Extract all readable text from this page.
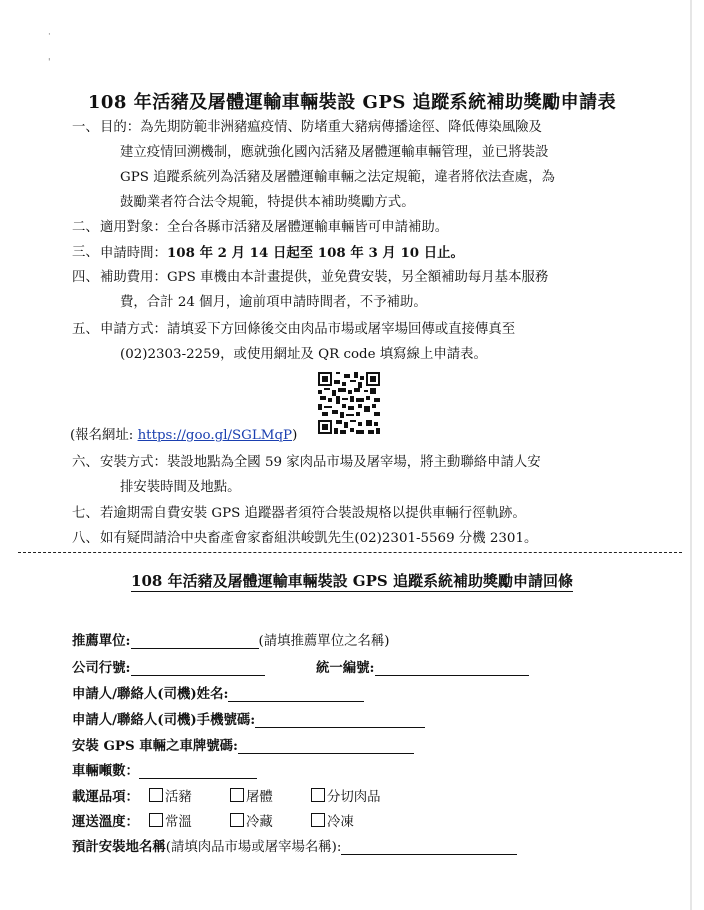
·
'
108 年活豬及屠體運輸車輛裝設 GPS 追蹤系統補助獎勵申請表
一、 目的：為先期防範非洲豬瘟疫情、防堵重大豬病傳播途徑、降低傳染風險及
建立疫情回溯機制，應就強化國內活豬及屠體運輸車輛管理，並已將裝設
GPS 追蹤系統列為活豬及屠體運輸車輛之法定規範，違者將依法查處，為
鼓勵業者符合法令規範，特提供本補助獎勵方式。
二、 適用對象：全台各縣市活豬及屠體運輸車輛皆可申請補助。
三、 申請時間：108 年 2 月 14 日起至 108 年 3 月 10 日止。
四、 補助費用：GPS 車機由本計畫提供，並免費安裝，另全額補助每月基本服務
費，合計 24 個月，逾前項申請時間者，不予補助。
五、 申請方式：請填妥下方回條後交由肉品市場或屠宰場回傳或直接傳真至
(02)2303-2259，或使用網址及 QR code 填寫線上申請表。
(報名網址: https://goo.gl/SGLMqP)
六、 安裝方式：裝設地點為全國 59 家肉品市場及屠宰場，將主動聯絡申請人安
排安裝時間及地點。
七、 若逾期需自費安裝 GPS 追蹤器者須符合裝設規格以提供車輛行徑軌跡。
八、 如有疑問請洽中央畜產會家畜組洪峻凱先生(02)2301-5569 分機 2301。
108 年活豬及屠體運輸車輛裝設 GPS 追蹤系統補助獎勵申請回條
推薦單位:	(請填推薦單位之名稱)
公司行號:	統一編號:
申請人/聯絡人(司機)姓名:
申請人/聯絡人(司機)手機號碼:
安裝 GPS 車輛之車牌號碼:
車輛噸數：
載運品項：	活豬	屠體	分切肉品
運送溫度：	常溫	冷藏	冷凍
預計安裝地名稱(請填肉品市場或屠宰場名稱):
